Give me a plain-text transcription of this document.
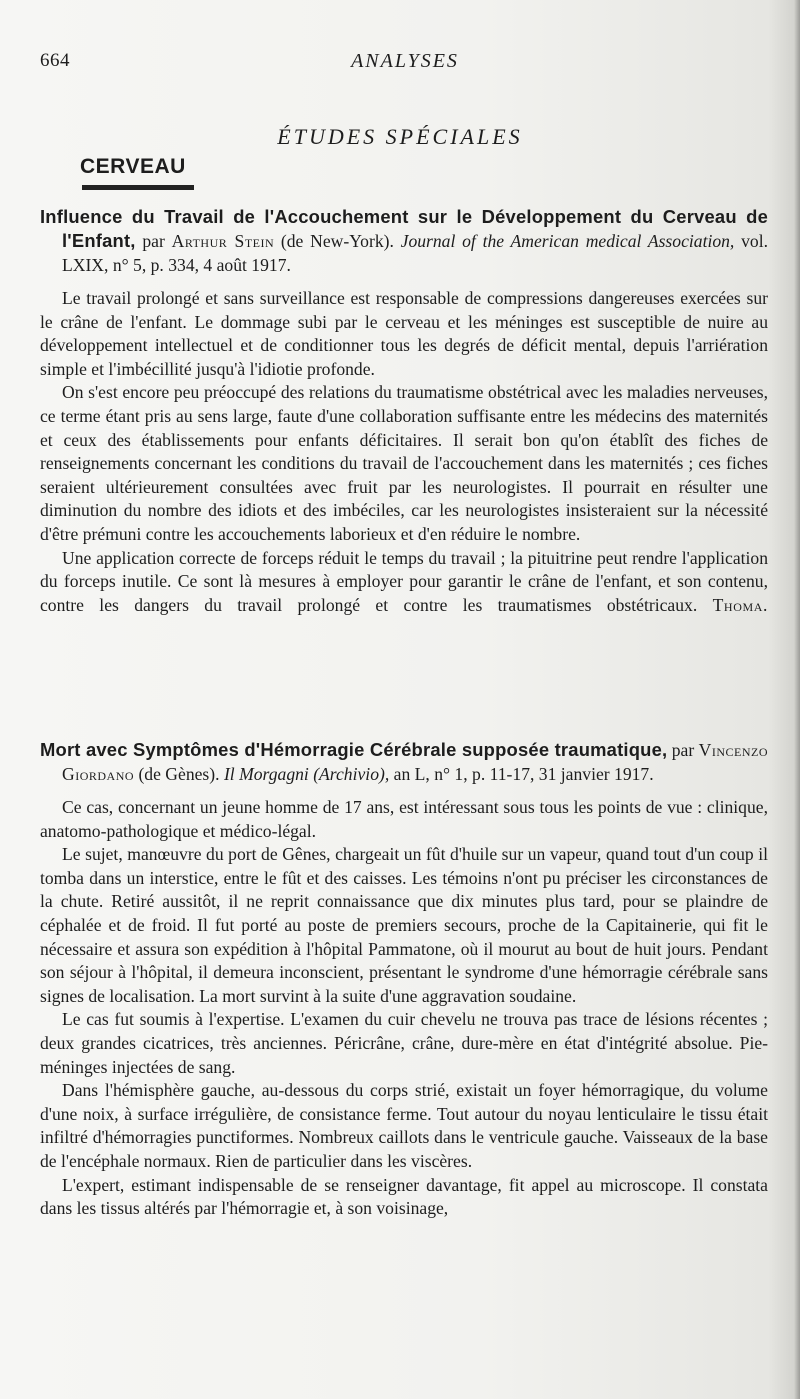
664	ANALYSES
ÉTUDES SPÉCIALES
CERVEAU
Influence du Travail de l'Accouchement sur le Développement du Cerveau de l'Enfant, par Arthur Stein (de New-York). Journal of the American medical Association, vol. LXIX, n° 5, p. 334, 4 août 1917.

Le travail prolongé et sans surveillance est responsable de compressions dangereuses exercées sur le crâne de l'enfant. Le dommage subi par le cerveau et les méninges est susceptible de nuire au développement intellectuel et de conditionner tous les degrés de déficit mental, depuis l'arriération simple et l'imbécillité jusqu'à l'idiotie profonde.

On s'est encore peu préoccupé des relations du traumatisme obstétrical avec les maladies nerveuses, ce terme étant pris au sens large, faute d'une collaboration suffisante entre les médecins des maternités et ceux des établissements pour enfants déficitaires. Il serait bon qu'on établît des fiches de renseignements concernant les conditions du travail de l'accouchement dans les maternités ; ces fiches seraient ultérieurement consultées avec fruit par les neurologistes. Il pourrait en résulter une diminution du nombre des idiots et des imbéciles, car les neurologistes insisteraient sur la nécessité d'être prémuni contre les accouchements laborieux et d'en réduire le nombre.

Une application correcte de forceps réduit le temps du travail ; la pituitrine peut rendre l'application du forceps inutile. Ce sont là mesures à employer pour garantir le crâne de l'enfant, et son contenu, contre les dangers du travail prolongé et contre les traumatismes obstétricaux. Thoma.

Mort avec Symptômes d'Hémorragie Cérébrale supposée traumatique, par Vincenzo Giordano (de Gènes). Il Morgagni (Archivio), an L, n° 1, p. 11-17, 31 janvier 1917.

Ce cas, concernant un jeune homme de 17 ans, est intéressant sous tous les points de vue : clinique, anatomo-pathologique et médico-légal.

Le sujet, manœuvre du port de Gênes, chargeait un fût d'huile sur un vapeur, quand tout d'un coup il tomba dans un interstice, entre le fût et des caisses. Les témoins n'ont pu préciser les circonstances de la chute. Retiré aussitôt, il ne reprit connaissance que dix minutes plus tard, pour se plaindre de céphalée et de froid. Il fut porté au poste de premiers secours, proche de la Capitainerie, qui fit le nécessaire et assura son expédition à l'hôpital Pammatone, où il mourut au bout de huit jours. Pendant son séjour à l'hôpital, il demeura inconscient, présentant le syndrome d'une hémorragie cérébrale sans signes de localisation. La mort survint à la suite d'une aggravation soudaine.

Le cas fut soumis à l'expertise. L'examen du cuir chevelu ne trouva pas trace de lésions récentes ; deux grandes cicatrices, très anciennes. Péricrâne, crâne, dure-mère en état d'intégrité absolue. Pie-méninges injectées de sang.

Dans l'hémisphère gauche, au-dessous du corps strié, existait un foyer hémorragique, du volume d'une noix, à surface irrégulière, de consistance ferme. Tout autour du noyau lenticulaire le tissu était infiltré d'hémorragies punctiformes. Nombreux caillots dans le ventricule gauche. Vaisseaux de la base de l'encéphale normaux. Rien de particulier dans les viscères.

L'expert, estimant indispensable de se renseigner davantage, fit appel au microscope. Il constata dans les tissus altérés par l'hémorragie et, à son voisinage,
